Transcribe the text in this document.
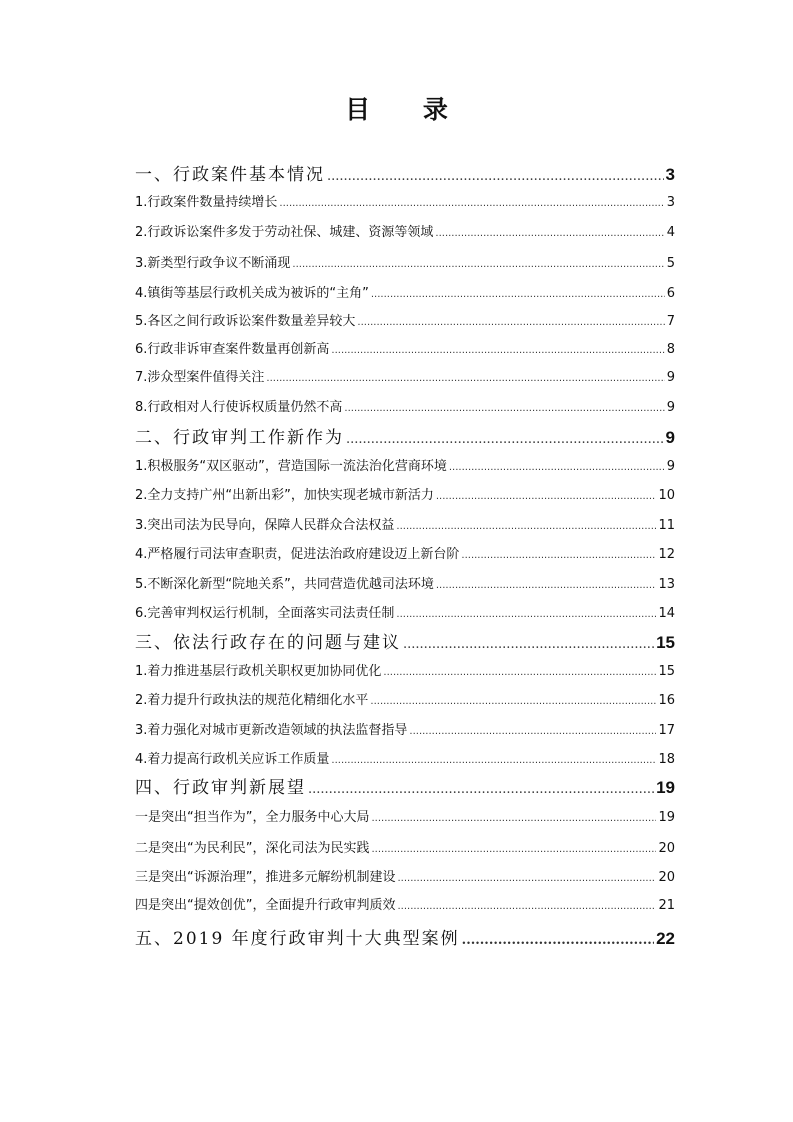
目 录
一、行政案件基本情况 .....	3
1.行政案件数量持续增长 .....	3
2.行政诉讼案件多发于劳动社保、城建、资源等领域 .....	4
3.新类型行政争议不断涌现 .....	5
4.镇街等基层行政机关成为被诉的“主角” .....	6
5.各区之间行政诉讼案件数量差异较大 .....	7
6.行政非诉审查案件数量再创新高 .....	8
7.涉众型案件值得关注 .....	9
8.行政相对人行使诉权质量仍然不高 .....	9
二、行政审判工作新作为 .....	9
1.积极服务“双区驱动”，营造国际一流法治化营商环境 .....	9
2.全力支持广州“出新出彩”，加快实现老城市新活力 .....	10
3.突出司法为民导向，保障人民群众合法权益 .....	11
4.严格履行司法审查职责，促进法治政府建设迈上新台阶 .....	12
5.不断深化新型“院地关系”，共同营造优越司法环境 .....	13
6.完善审判权运行机制，全面落实司法责任制 .....	14
三、依法行政存在的问题与建议 .....	15
1.着力推进基层行政机关职权更加协同优化 .....	15
2.着力提升行政执法的规范化精细化水平 .....	16
3.着力强化对城市更新改造领域的执法监督指导 .....	17
4.着力提高行政机关应诉工作质量 .....	18
四、行政审判新展望 .....	19
一是突出“担当作为”，全力服务中心大局 .....	19
二是突出“为民利民”，深化司法为民实践 .....	20
三是突出“诉源治理”，推进多元解纷机制建设 .....	20
四是突出“提效创优”，全面提升行政审判质效 .....	21
五、2019 年度行政审判十大典型案例 .....	22
